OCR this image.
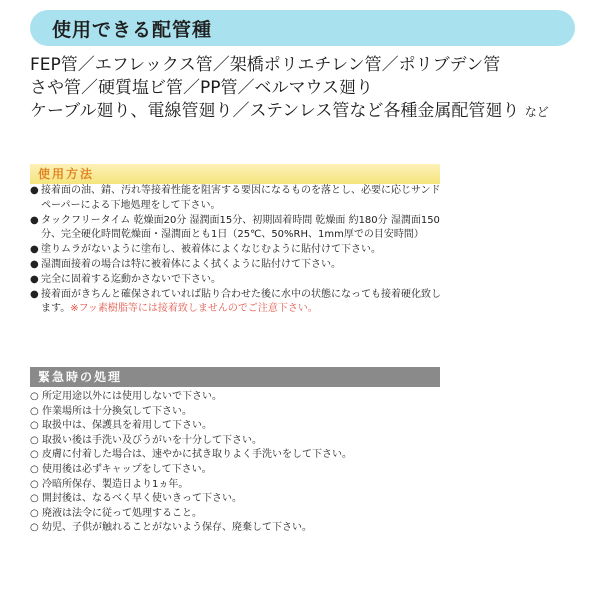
使用できる配管種
FEP管／エフレックス管／架橋ポリエチレン管／ポリブデン管
さや管／硬質塩ビ管／PP管／ベルマウス廻り
ケーブル廻り、電線管廻り／ステンレス管など各種金属配管廻り など
使用方法
● 接着面の油、錆、汚れ等接着性能を阻害する要因になるものを落とし、必要に応じサンドペーパーによる下地処理をして下さい。
● タックフリータイム 乾燥面20分 湿潤面15分、初期固着時間 乾燥面 約180分 湿潤面150分、完全硬化時間乾燥面・湿潤面とも1日（25℃、50%RH、1mm厚での目安時間）
● 塗りムラがないように塗布し、被着体によくなじむように貼付けて下さい。
● 湿潤面接着の場合は特に被着体によく拭くように貼付けて下さい。
● 完全に固着する迄動かさないで下さい。
● 接着面がきちんと確保されていれば貼り合わせた後に水中の状態になっても接着硬化致します。※フッ素樹脂等には接着致しませんのでご注意下さい。
緊急時の処理
○ 所定用途以外には使用しないで下さい。
○ 作業場所は十分換気して下さい。
○ 取扱中は、保護具を着用して下さい。
○ 取扱い後は手洗い及びうがいを十分して下さい。
○ 皮膚に付着した場合は、速やかに拭き取りよく手洗いをして下さい。
○ 使用後は必ずキャップをして下さい。
○ 冷暗所保存、製造日より1ヵ年。
○ 開封後は、なるべく早く使いきって下さい。
○ 廃液は法令に従って処理すること。
○ 幼児、子供が触れることがないよう保存、廃棄して下さい。
